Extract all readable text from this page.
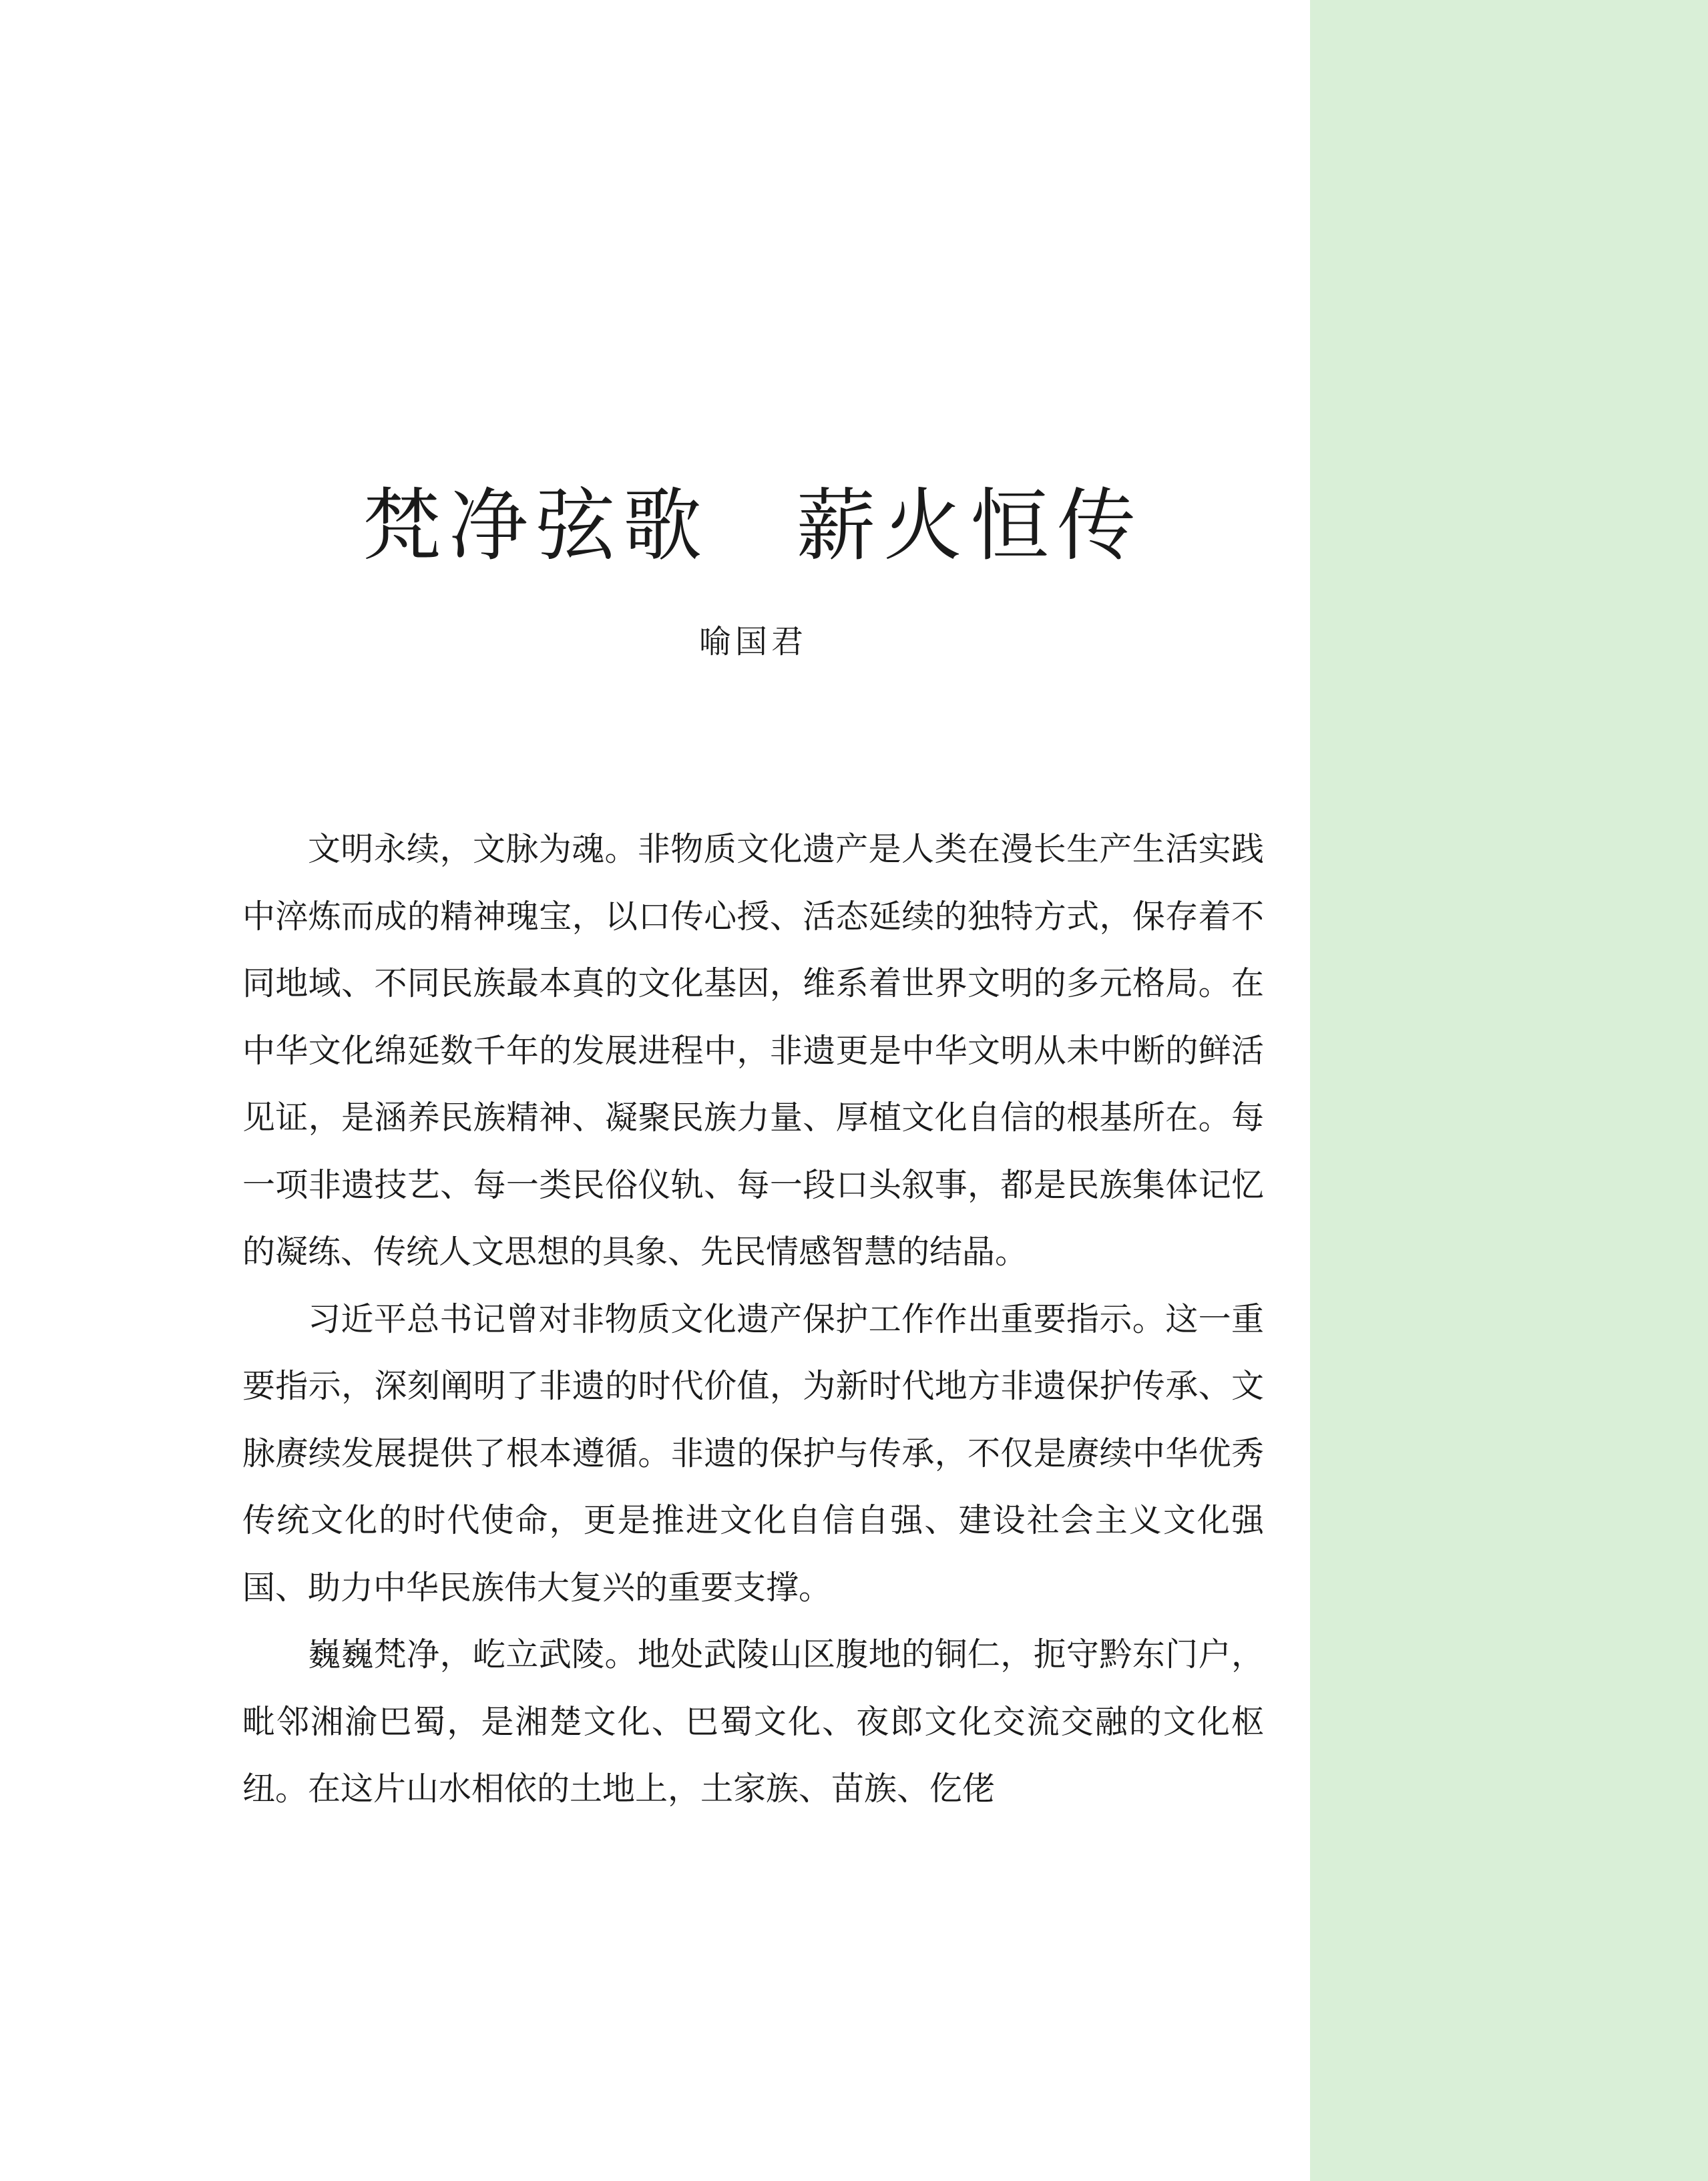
梵净弦歌　薪火恒传
喻国君

文明永续，文脉为魂。非物质文化遗产是人类在漫长生产生活实践中淬炼而成的精神瑰宝，以口传心授、活态延续的独特方式，保存着不同地域、不同民族最本真的文化基因，维系着世界文明的多元格局。在中华文化绵延数千年的发展进程中，非遗更是中华文明从未中断的鲜活见证，是涵养民族精神、凝聚民族力量、厚植文化自信的根基所在。每一项非遗技艺、每一类民俗仪轨、每一段口头叙事，都是民族集体记忆的凝练、传统人文思想的具象、先民情感智慧的结晶。

习近平总书记曾对非物质文化遗产保护工作作出重要指示。这一重要指示，深刻阐明了非遗的时代价值，为新时代地方非遗保护传承、文脉赓续发展提供了根本遵循。非遗的保护与传承，不仅是赓续中华优秀传统文化的时代使命，更是推进文化自信自强、建设社会主义文化强国、助力中华民族伟大复兴的重要支撑。

巍巍梵净，屹立武陵。地处武陵山区腹地的铜仁，扼守黔东门户，毗邻湘渝巴蜀，是湘楚文化、巴蜀文化、夜郎文化交流交融的文化枢纽。在这片山水相依的土地上，土家族、苗族、仡佬
